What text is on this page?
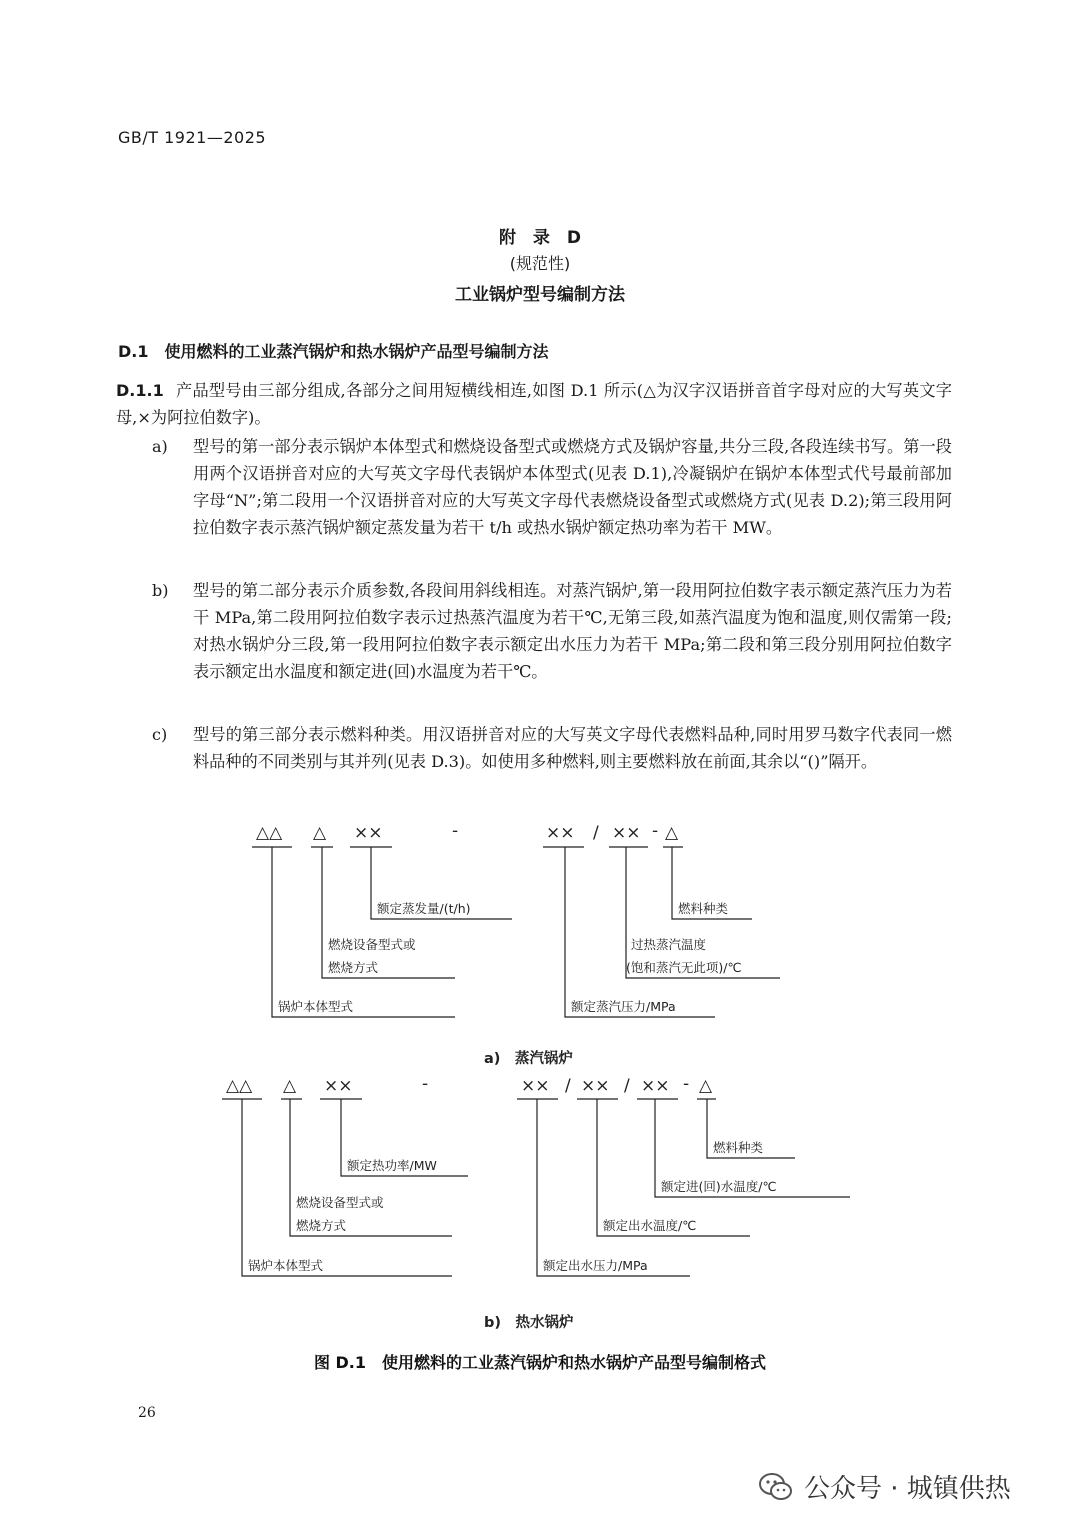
GB/T 1921—2025
附　录　D
(规范性)
工业锅炉型号编制方法
D.1　使用燃料的工业蒸汽锅炉和热水锅炉产品型号编制方法
D.1.1 产品型号由三部分组成,各部分之间用短横线相连,如图 D.1 所示(△为汉字汉语拼音首字母对应的大写英文字母,×为阿拉伯数字)。
a) 型号的第一部分表示锅炉本体型式和燃烧设备型式或燃烧方式及锅炉容量,共分三段,各段连续书写。第一段用两个汉语拼音对应的大写英文字母代表锅炉本体型式(见表 D.1),冷凝锅炉在锅炉本体型式代号最前部加字母“N”;第二段用一个汉语拼音对应的大写英文字母代表燃烧设备型式或燃烧方式(见表 D.2);第三段用阿拉伯数字表示蒸汽锅炉额定蒸发量为若干 t/h 或热水锅炉额定热功率为若干 MW。
b) 型号的第二部分表示介质参数,各段间用斜线相连。对蒸汽锅炉,第一段用阿拉伯数字表示额定蒸汽压力为若干 MPa,第二段用阿拉伯数字表示过热蒸汽温度为若干℃,无第三段,如蒸汽温度为饱和温度,则仅需第一段;对热水锅炉分三段,第一段用阿拉伯数字表示额定出水压力为若干 MPa;第二段和第三段分别用阿拉伯数字表示额定出水温度和额定进(回)水温度为若干℃。
c) 型号的第三部分表示燃料种类。用汉语拼音对应的大写英文字母代表燃料品种,同时用罗马数字代表同一燃料品种的不同类别与其并列(见表 D.3)。如使用多种燃料,则主要燃料放在前面,其余以“()”隔开。
△△ △ ××	-	×× / ×× - △
△△ △ ××	-	×× / ×× / ×× - △
额定蒸发量/(t/h)
燃烧设备型式或
燃烧方式
锅炉本体型式
燃料种类
过热蒸汽温度
(饱和蒸汽无此项)/℃
额定蒸汽压力/MPa
额定热功率/MW
燃烧设备型式或
燃烧方式
锅炉本体型式
燃料种类
额定进(回)水温度/℃
额定出水温度/℃
额定出水压力/MPa
a)　蒸汽锅炉
b)　热水锅炉
图 D.1　使用燃料的工业蒸汽锅炉和热水锅炉产品型号编制格式
26
公众号 · 城镇供热
